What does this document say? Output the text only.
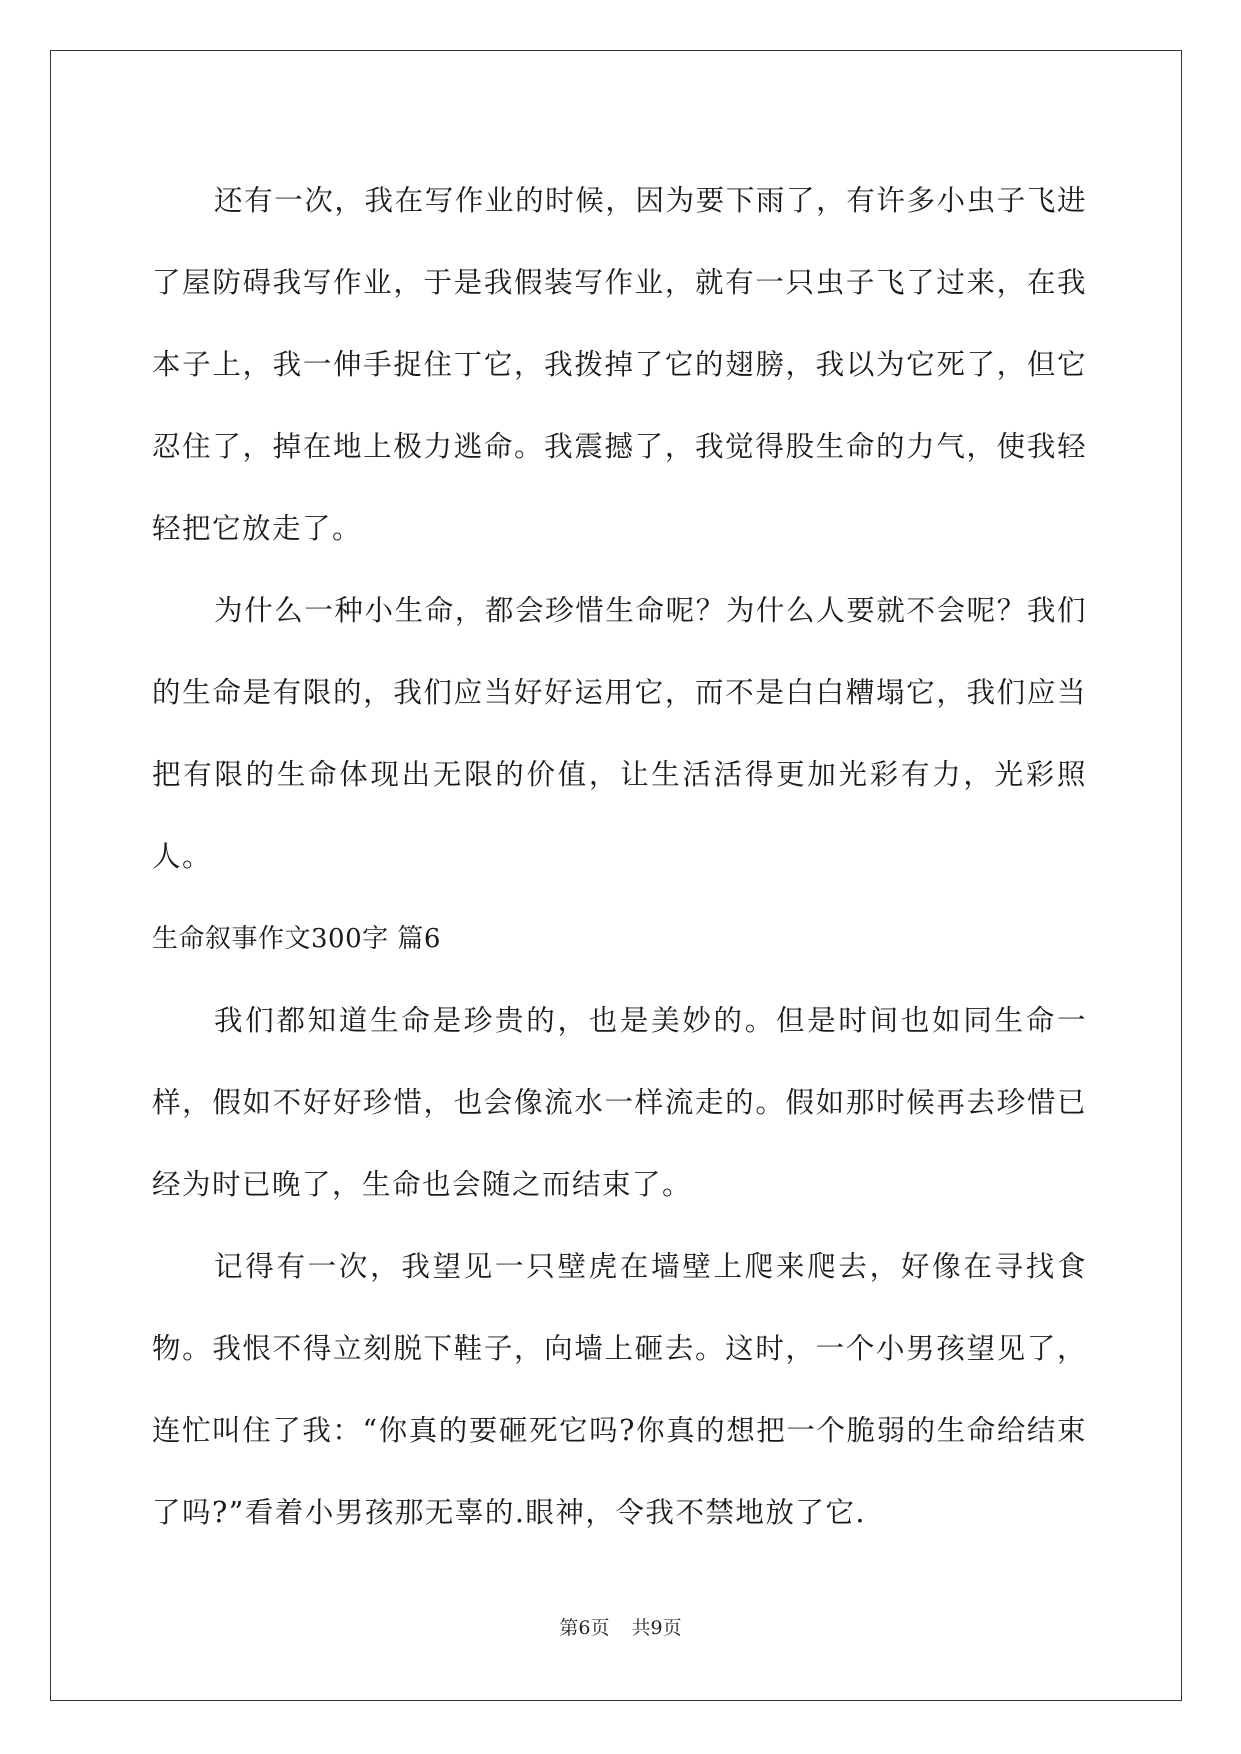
还有一次，我在写作业的时候，因为要下雨了，有许多小虫子飞进了屋防碍我写作业，于是我假装写作业，就有一只虫子飞了过来，在我本子上，我一伸手捉住丁它，我拨掉了它的翅膀，我以为它死了，但它忍住了，掉在地上极力逃命。我震撼了，我觉得股生命的力气，使我轻轻把它放走了。

为什么一种小生命，都会珍惜生命呢？为什么人要就不会呢？我们的生命是有限的，我们应当好好运用它，而不是白白糟塌它，我们应当把有限的生命体现出无限的价值，让生活活得更加光彩有力，光彩照人。

生命叙事作文300字 篇6

我们都知道生命是珍贵的，也是美妙的。但是时间也如同生命一样，假如不好好珍惜，也会像流水一样流走的。假如那时候再去珍惜已经为时已晚了，生命也会随之而结束了。

记得有一次，我望见一只壁虎在墙壁上爬来爬去，好像在寻找食物。我恨不得立刻脱下鞋子，向墙上砸去。这时，一个小男孩望见了，连忙叫住了我：“你真的要砸死它吗?你真的想把一个脆弱的生命给结束了吗?”看着小男孩那无辜的.眼神，令我不禁地放了它.

第6页 共9页
